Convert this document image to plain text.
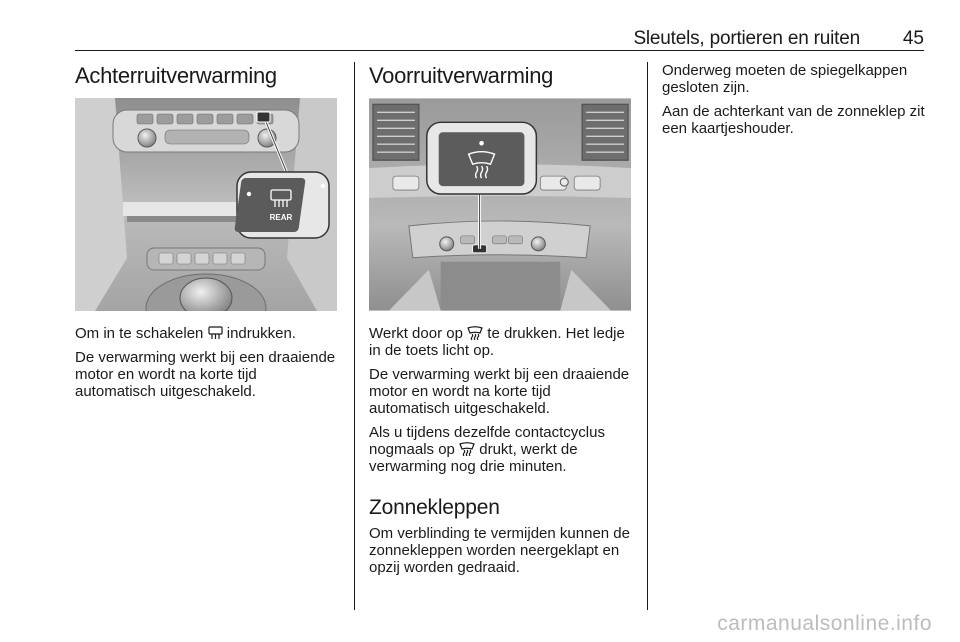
Sleutels, portieren en ruiten 45
Achterruitverwarming
REAR

Om in te schakelen indrukken.

De verwarming werkt bij een draaiende motor en wordt na korte tijd automatisch uitgeschakeld.

Voorruitverwarming

Werkt door op te drukken. Het ledje in de toets licht op.

De verwarming werkt bij een draaiende motor en wordt na korte tijd automatisch uitgeschakeld.

Als u tijdens dezelfde contactcyclus nogmaals op drukt, werkt de verwarming nog drie minuten.

Zonnekleppen

Om verblinding te vermijden kunnen de zonnekleppen worden neergeklapt en opzij worden gedraaid.

Onderweg moeten de spiegelkappen gesloten zijn.

Aan de achterkant van de zonneklep zit een kaartjeshouder.

carmanualsonline.info
